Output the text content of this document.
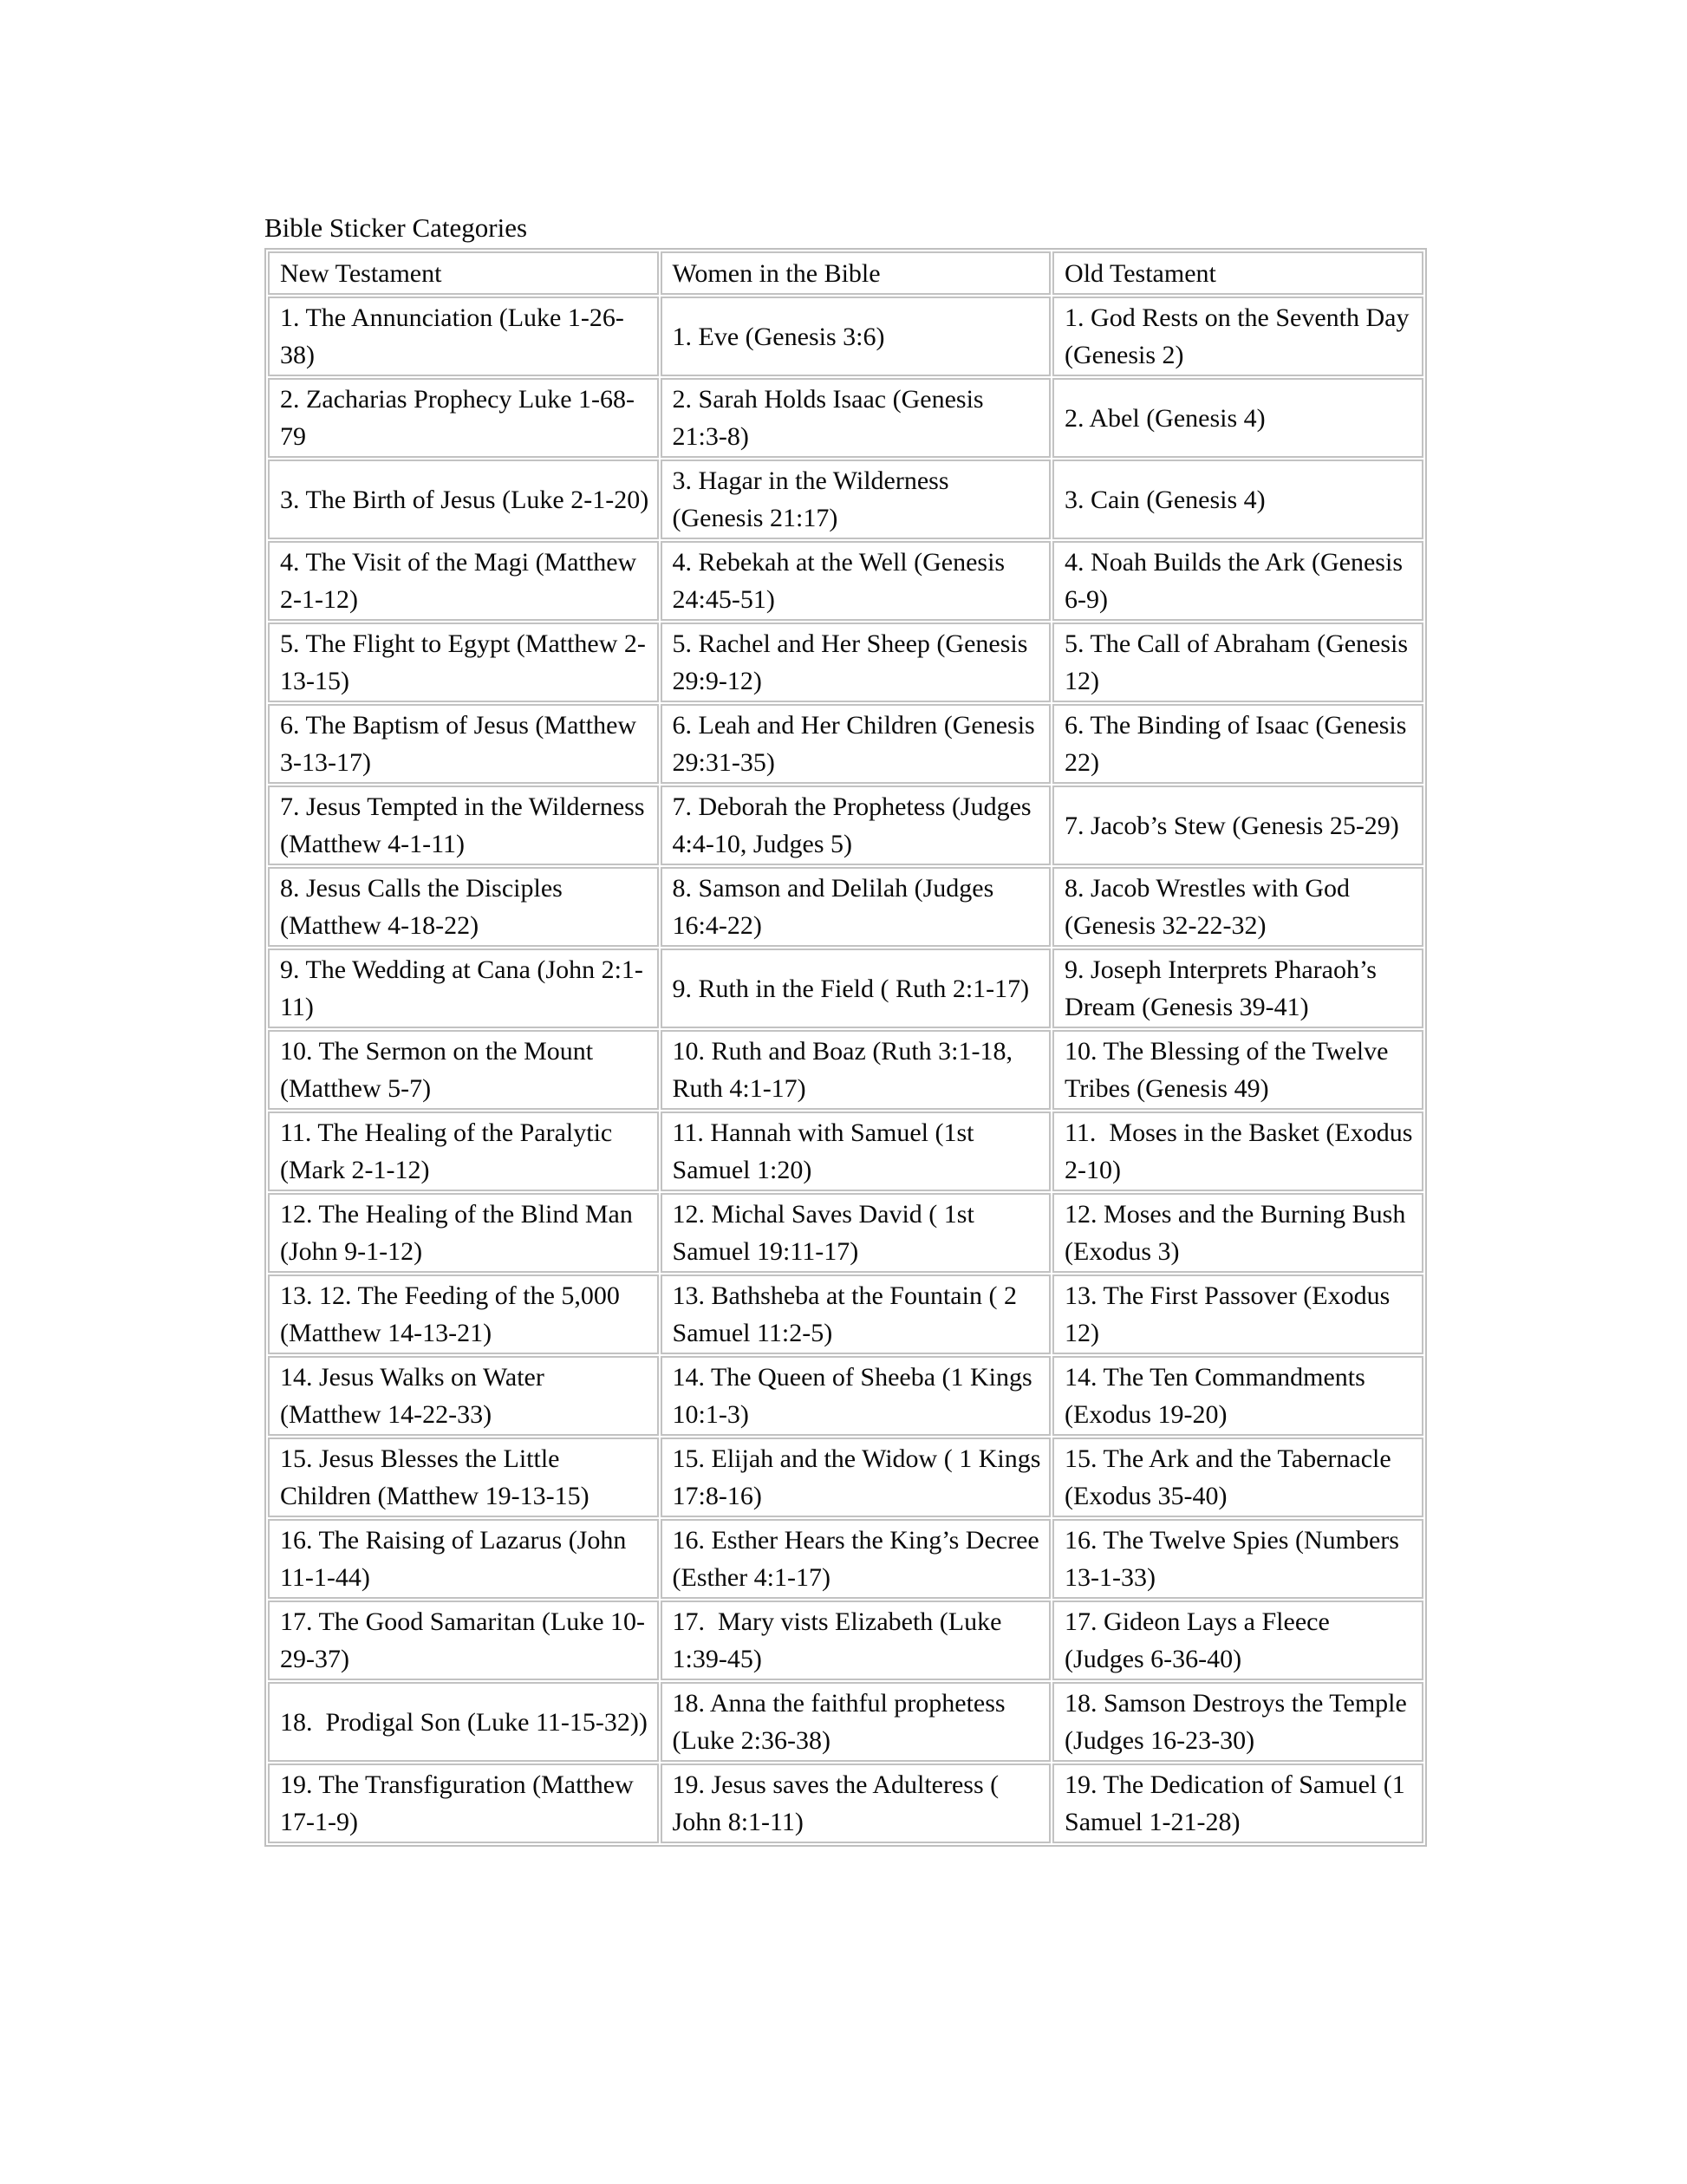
Bible Sticker Categories
New Testament	Women in the Bible	Old Testament
1. The Annunciation (Luke 1-26-38)	1. Eve (Genesis 3:6)	1. God Rests on the Seventh Day (Genesis 2)
2. Zacharias Prophecy Luke 1-68-79	2. Sarah Holds Isaac (Genesis 21:3-8)	2. Abel (Genesis 4)
3. The Birth of Jesus (Luke 2-1-20)	3. Hagar in the Wilderness (Genesis 21:17)	3. Cain (Genesis 4)
4. The Visit of the Magi (Matthew 2-1-12)	4. Rebekah at the Well (Genesis 24:45-51)	4. Noah Builds the Ark (Genesis 6-9)
5. The Flight to Egypt (Matthew 2-13-15)	5. Rachel and Her Sheep (Genesis 29:9-12)	5. The Call of Abraham (Genesis 12)
6. The Baptism of Jesus (Matthew 3-13-17)	6. Leah and Her Children (Genesis 29:31-35)	6. The Binding of Isaac (Genesis 22)
7. Jesus Tempted in the Wilderness (Matthew 4-1-11)	7. Deborah the Prophetess (Judges 4:4-10, Judges 5)	7. Jacob’s Stew (Genesis 25-29)
8. Jesus Calls the Disciples (Matthew 4-18-22)	8. Samson and Delilah (Judges 16:4-22)	8. Jacob Wrestles with God (Genesis 32-22-32)
9. The Wedding at Cana (John 2:1-11)	9. Ruth in the Field ( Ruth 2:1-17)	9. Joseph Interprets Pharaoh’s Dream (Genesis 39-41)
10. The Sermon on the Mount (Matthew 5-7)	10. Ruth and Boaz (Ruth 3:1-18, Ruth 4:1-17)	10. The Blessing of the Twelve Tribes (Genesis 49)
11. The Healing of the Paralytic (Mark 2-1-12)	11. Hannah with Samuel (1st Samuel 1:20)	11.  Moses in the Basket (Exodus 2-10)
12. The Healing of the Blind Man (John 9-1-12)	12. Michal Saves David ( 1st Samuel 19:11-17)	12. Moses and the Burning Bush (Exodus 3)
13. 12. The Feeding of the 5,000 (Matthew 14-13-21)	13. Bathsheba at the Fountain ( 2 Samuel 11:2-5)	13. The First Passover (Exodus 12)
14. Jesus Walks on Water (Matthew 14-22-33)	14. The Queen of Sheeba (1 Kings 10:1-3)	14. The Ten Commandments (Exodus 19-20)
15. Jesus Blesses the Little Children (Matthew 19-13-15)	15. Elijah and the Widow ( 1 Kings 17:8-16)	15. The Ark and the Tabernacle (Exodus 35-40)
16. The Raising of Lazarus (John 11-1-44)	16. Esther Hears the King’s Decree (Esther 4:1-17)	16. The Twelve Spies (Numbers 13-1-33)
17. The Good Samaritan (Luke 10-29-37)	17.  Mary vists Elizabeth (Luke 1:39-45)	17. Gideon Lays a Fleece (Judges 6-36-40)
18.  Prodigal Son (Luke 11-15-32))	18. Anna the faithful prophetess (Luke 2:36-38)	18. Samson Destroys the Temple (Judges 16-23-30)
19. The Transfiguration (Matthew 17-1-9)	19. Jesus saves the Adulteress ( John 8:1-11)	19. The Dedication of Samuel (1 Samuel 1-21-28)
